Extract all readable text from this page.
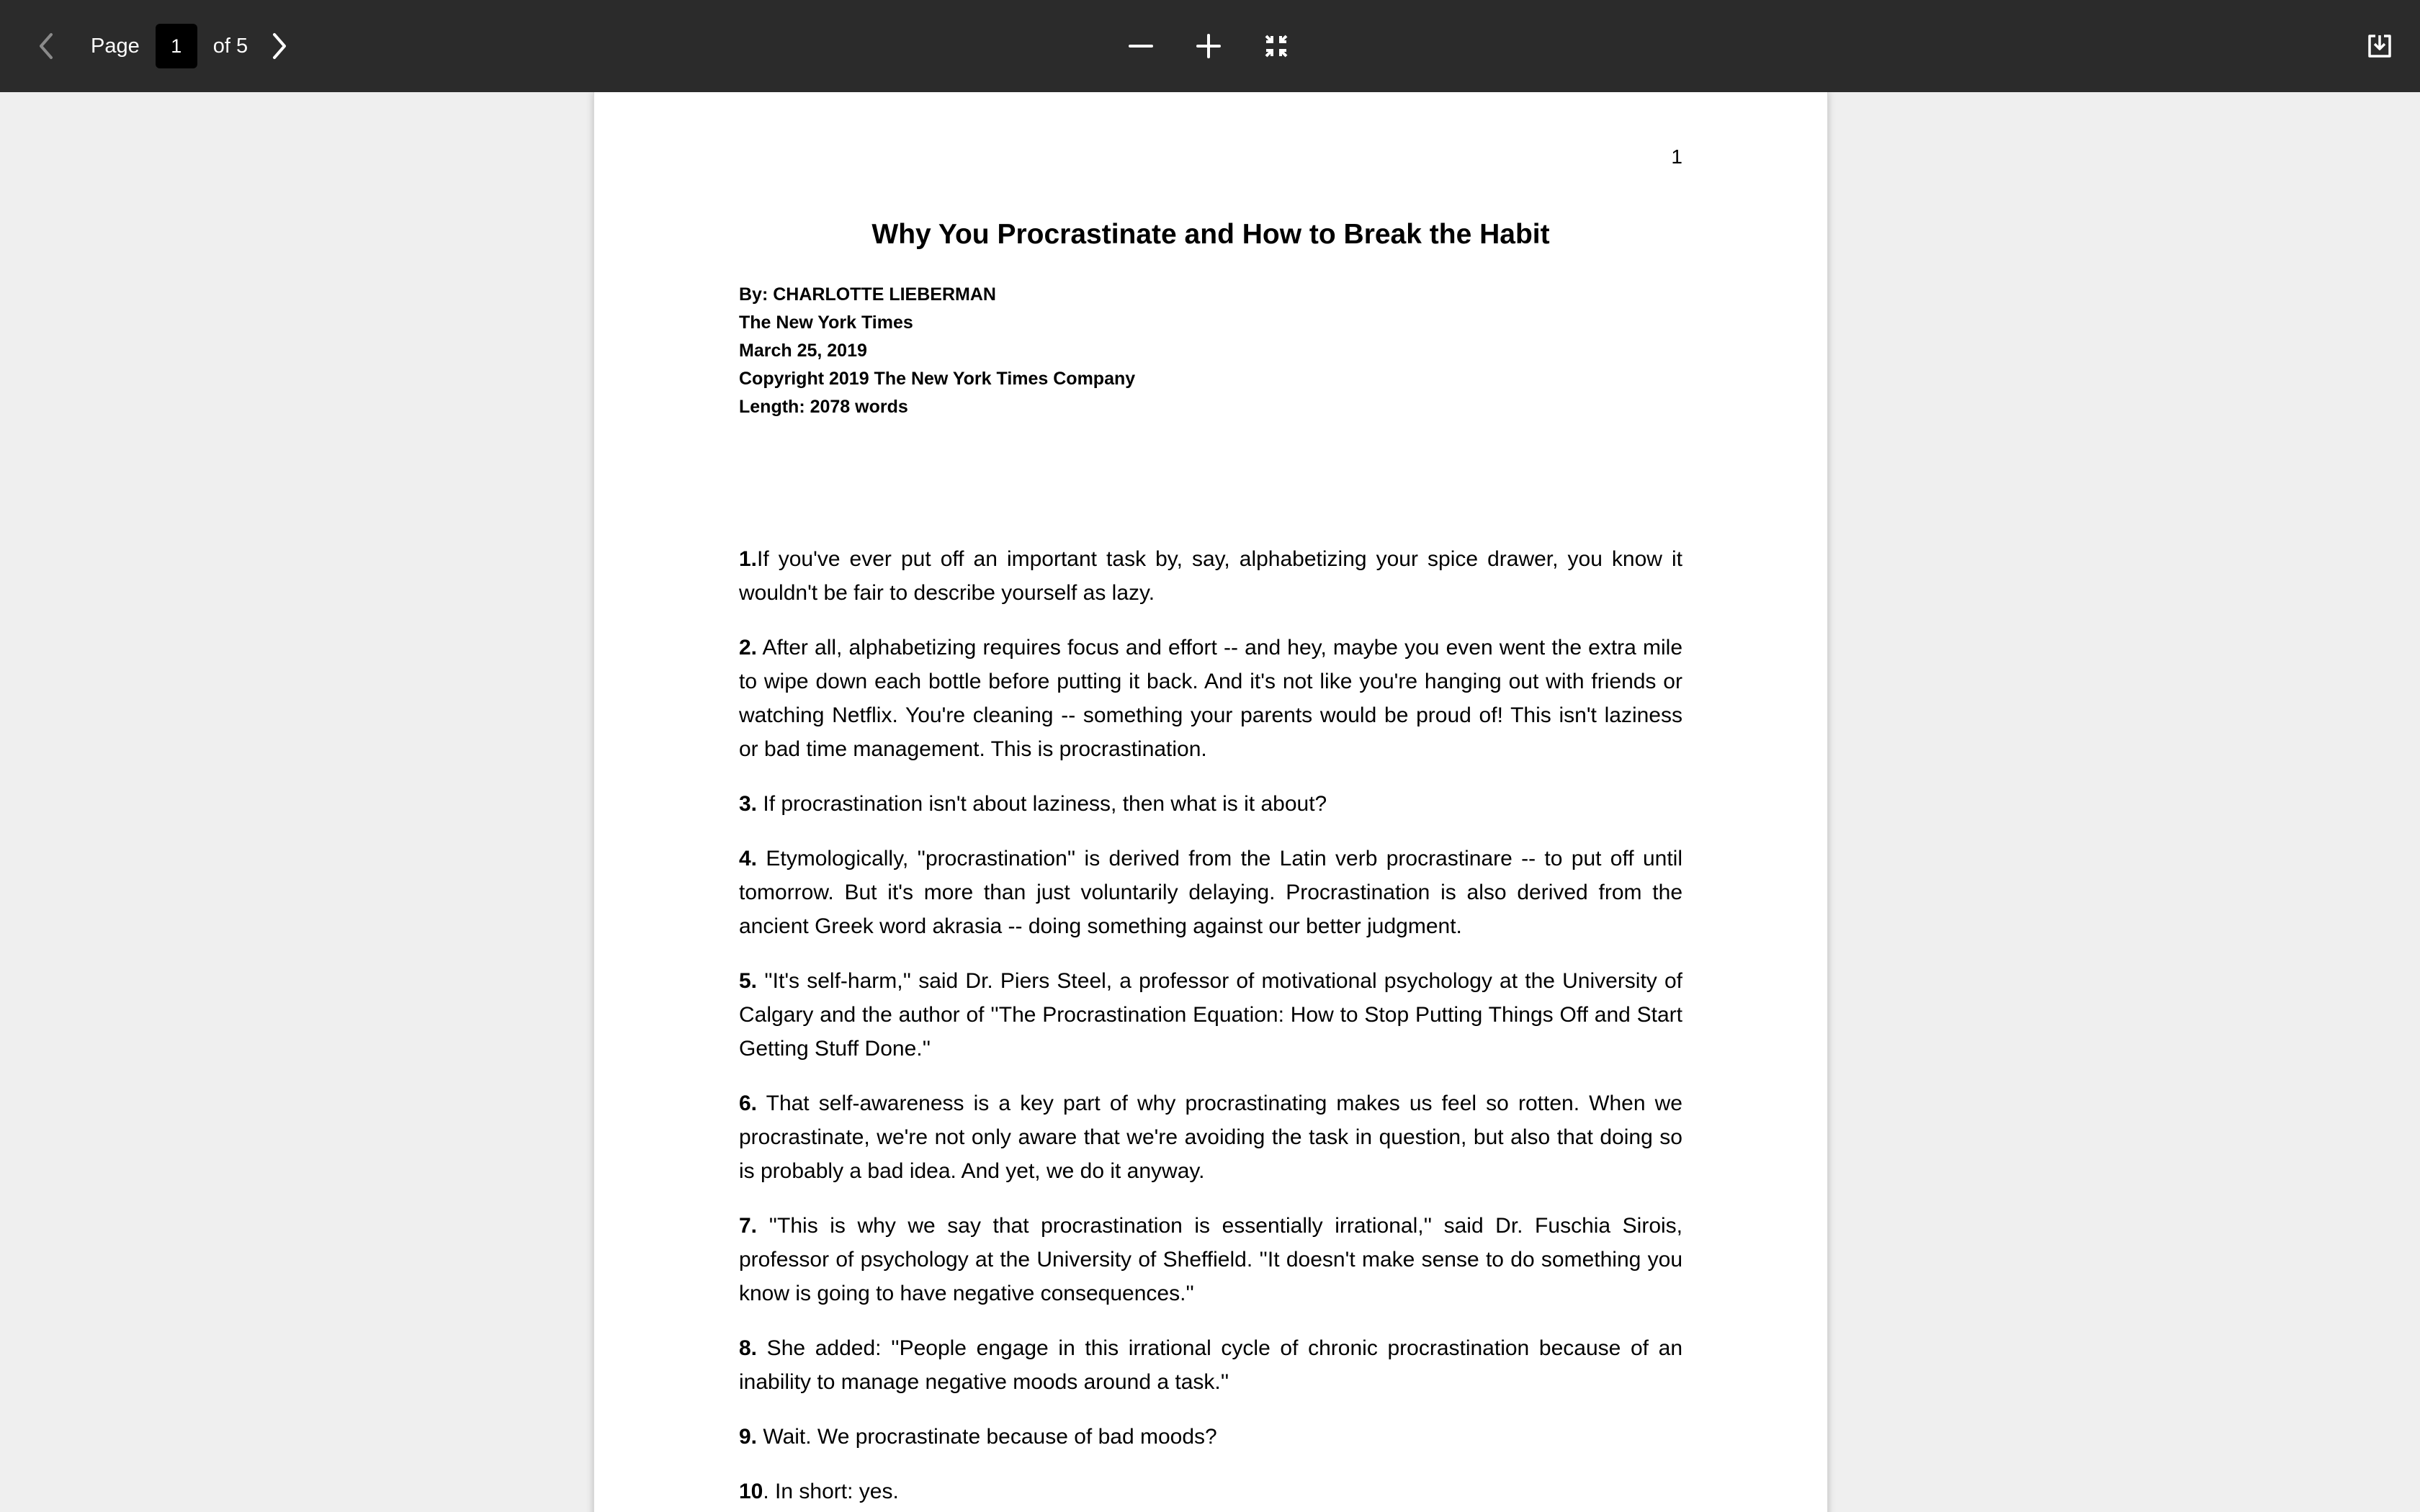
Page
1	of 5
1
Why You Procrastinate and How to Break the Habit
By: CHARLOTTE LIEBERMAN
The New York Times
March 25, 2019
Copyright 2019 The New York Times Company
Length: 2078 words

1.If you've ever put off an important task by, say, alphabetizing your spice drawer, you know it wouldn't be fair to describe yourself as lazy.

2. After all, alphabetizing requires focus and effort -- and hey, maybe you even went the extra mile to wipe down each bottle before putting it back. And it's not like you're hanging out with friends or watching Netflix. You're cleaning -- something your parents would be proud of! This isn't laziness or bad time management. This is procrastination.

3. If procrastination isn't about laziness, then what is it about?

4. Etymologically, ''procrastination'' is derived from the Latin verb procrastinare -- to put off until tomorrow. But it's more than just voluntarily delaying. Procrastination is also derived from the ancient Greek word akrasia -- doing something against our better judgment.

5. ''It's self-harm,'' said Dr. Piers Steel, a professor of motivational psychology at the University of Calgary and the author of ''The Procrastination Equation: How to Stop Putting Things Off and Start Getting Stuff Done.''

6. That self-awareness is a key part of why procrastinating makes us feel so rotten. When we procrastinate, we're not only aware that we're avoiding the task in question, but also that doing so is probably a bad idea. And yet, we do it anyway.

7. ''This is why we say that procrastination is essentially irrational,'' said Dr. Fuschia Sirois, professor of psychology at the University of Sheffield. ''It doesn't make sense to do something you know is going to have negative consequences.''

8. She added: ''People engage in this irrational cycle of chronic procrastination because of an inability to manage negative moods around a task.''

9. Wait. We procrastinate because of bad moods?

10. In short: yes.
